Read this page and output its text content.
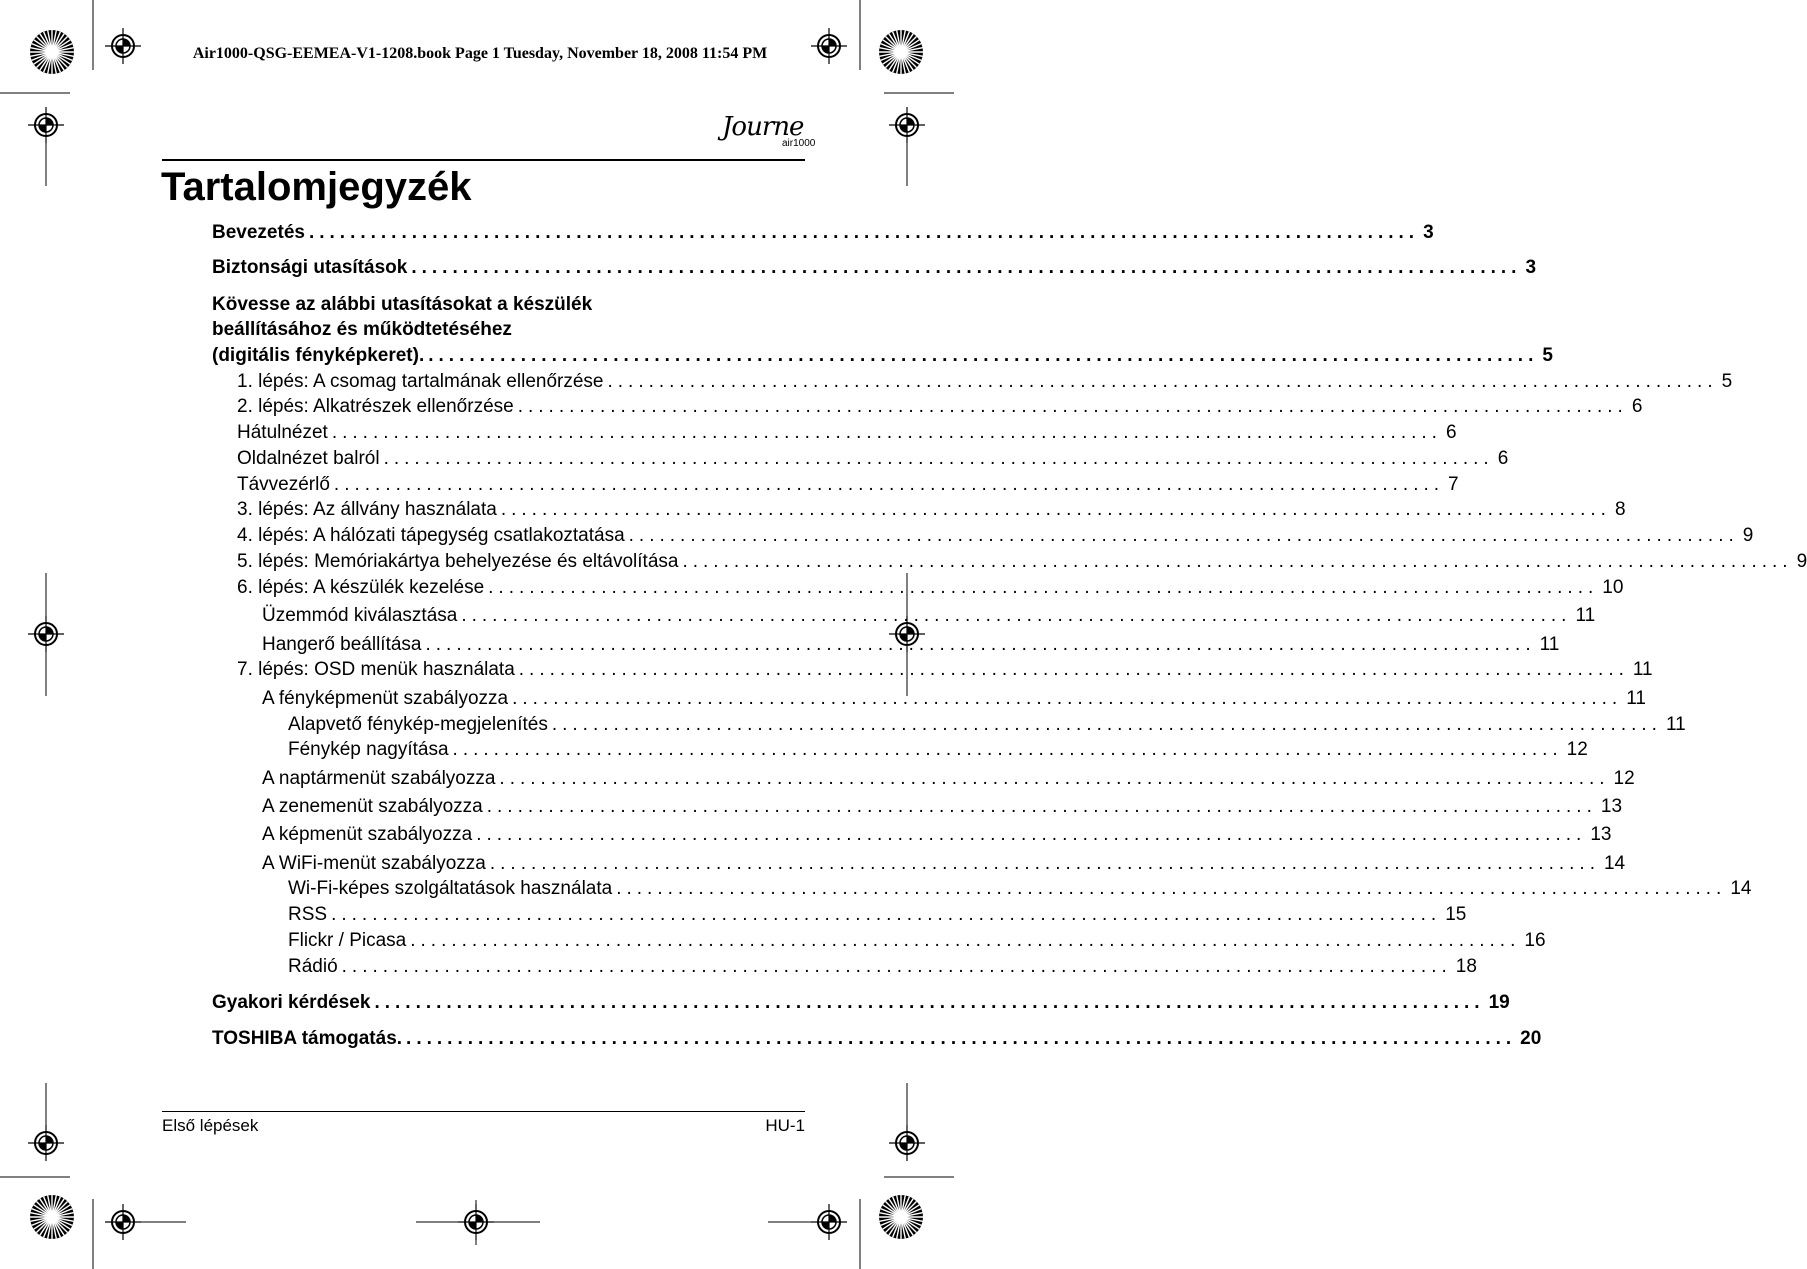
Air1000-QSG-EEMEA-V1-1208.book Page 1 Tuesday, November 18, 2008 11:54 PM
Journe
air1000
Tartalomjegyzék
Bevezetés ............................................................................................................ 3
Biztonsági utasítások ............................................................................................................ 3
Kövesse az alábbi utasításokat a készülék
beállításához és működtetéséhez
(digitális fényképkeret). ............................................................................................................ 5
1. lépés: A csomag tartalmának ellenőrzése ............................................................................................................ 5
2. lépés: Alkatrészek ellenőrzése ............................................................................................................ 6
Hátulnézet ............................................................................................................ 6
Oldalnézet balról ............................................................................................................ 6
Távvezérlő ............................................................................................................ 7
3. lépés: Az állvány használata ............................................................................................................ 8
4. lépés: A hálózati tápegység csatlakoztatása ............................................................................................................ 9
5. lépés: Memóriakártya behelyezése és eltávolítása ............................................................................................................ 9
6. lépés: A készülék kezelése ............................................................................................................ 10
Üzemmód kiválasztása ............................................................................................................ 11
Hangerő beállítása ............................................................................................................ 11
7. lépés: OSD menük használata ............................................................................................................ 11
A fényképmenüt szabályozza ............................................................................................................ 11
Alapvető fénykép-megjelenítés ............................................................................................................ 11
Fénykép nagyítása ............................................................................................................ 12
A naptármenüt szabályozza ............................................................................................................ 12
A zenemenüt szabályozza ............................................................................................................ 13
A képmenüt szabályozza ............................................................................................................ 13
A WiFi-menüt szabályozza ............................................................................................................ 14
Wi-Fi-képes szolgáltatások használata ............................................................................................................ 14
RSS ............................................................................................................ 15
Flickr / Picasa ............................................................................................................ 16
Rádió ............................................................................................................ 18
Gyakori kérdések ............................................................................................................ 19
TOSHIBA támogatás. ............................................................................................................ 20
Első lépések	HU-1
